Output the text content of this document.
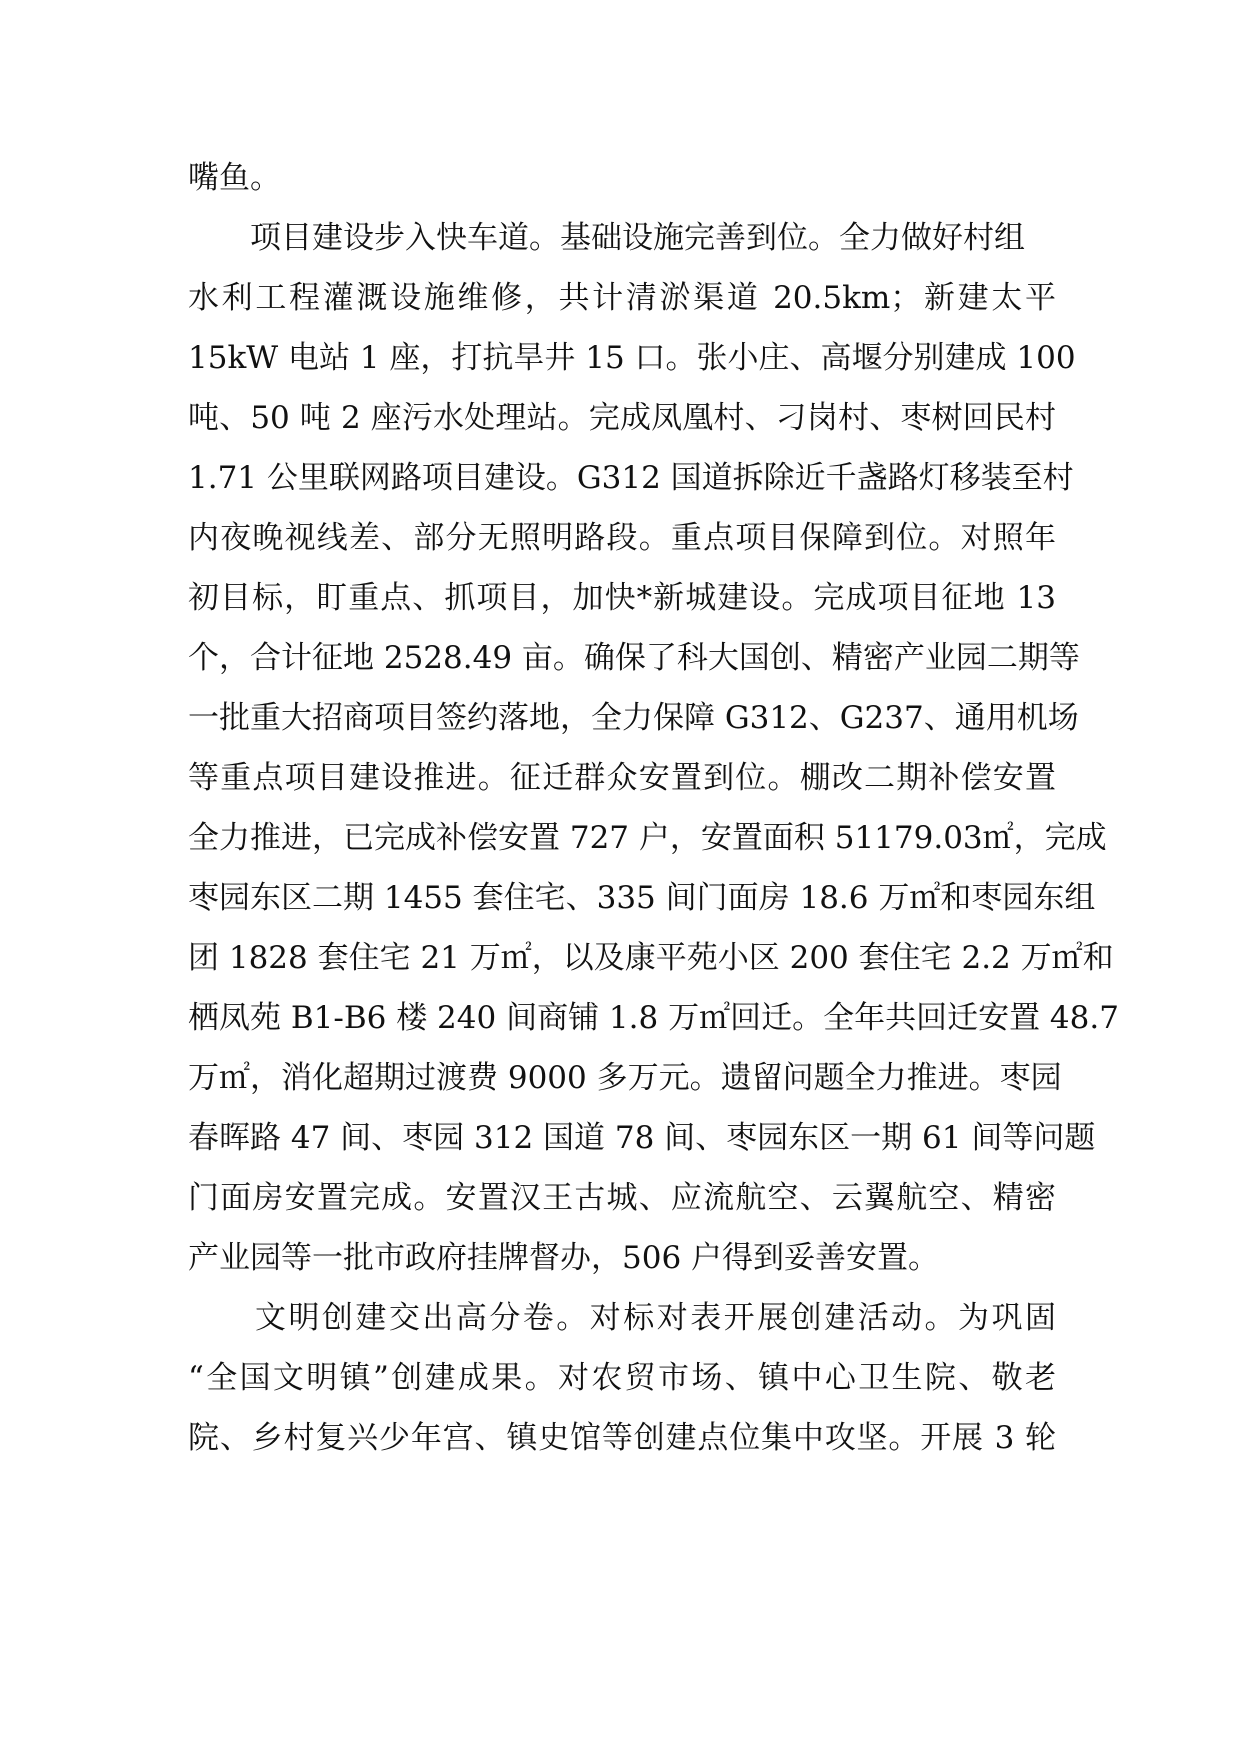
嘴鱼。
　　项目建设步入快车道。基础设施完善到位。全力做好村组
水利工程灌溉设施维修，共计清淤渠道 20.5km；新建太平
15kW 电站 1 座，打抗旱井 15 口。张小庄、高堰分别建成 100
吨、50 吨 2 座污水处理站。完成凤凰村、刁岗村、枣树回民村
1.71 公里联网路项目建设。G312 国道拆除近千盏路灯移装至村
内夜晚视线差、部分无照明路段。重点项目保障到位。对照年
初目标，盯重点、抓项目，加快*新城建设。完成项目征地 13
个，合计征地 2528.49 亩。确保了科大国创、精密产业园二期等
一批重大招商项目签约落地，全力保障 G312、G237、通用机场
等重点项目建设推进。征迁群众安置到位。棚改二期补偿安置
全力推进，已完成补偿安置 727 户，安置面积 51179.03㎡，完成
枣园东区二期 1455 套住宅、335 间门面房 18.6 万㎡和枣园东组
团 1828 套住宅 21 万㎡，以及康平苑小区 200 套住宅 2.2 万㎡和
栖凤苑 B1-B6 楼 240 间商铺 1.8 万㎡回迁。全年共回迁安置 48.7
万㎡，消化超期过渡费 9000 多万元。遗留问题全力推进。枣园
春晖路 47 间、枣园 312 国道 78 间、枣园东区一期 61 间等问题
门面房安置完成。安置汉王古城、应流航空、云翼航空、精密
产业园等一批市政府挂牌督办，506 户得到妥善安置。
　　文明创建交出高分卷。对标对表开展创建活动。为巩固
“全国文明镇”创建成果。对农贸市场、镇中心卫生院、敬老
院、乡村复兴少年宫、镇史馆等创建点位集中攻坚。开展 3 轮
